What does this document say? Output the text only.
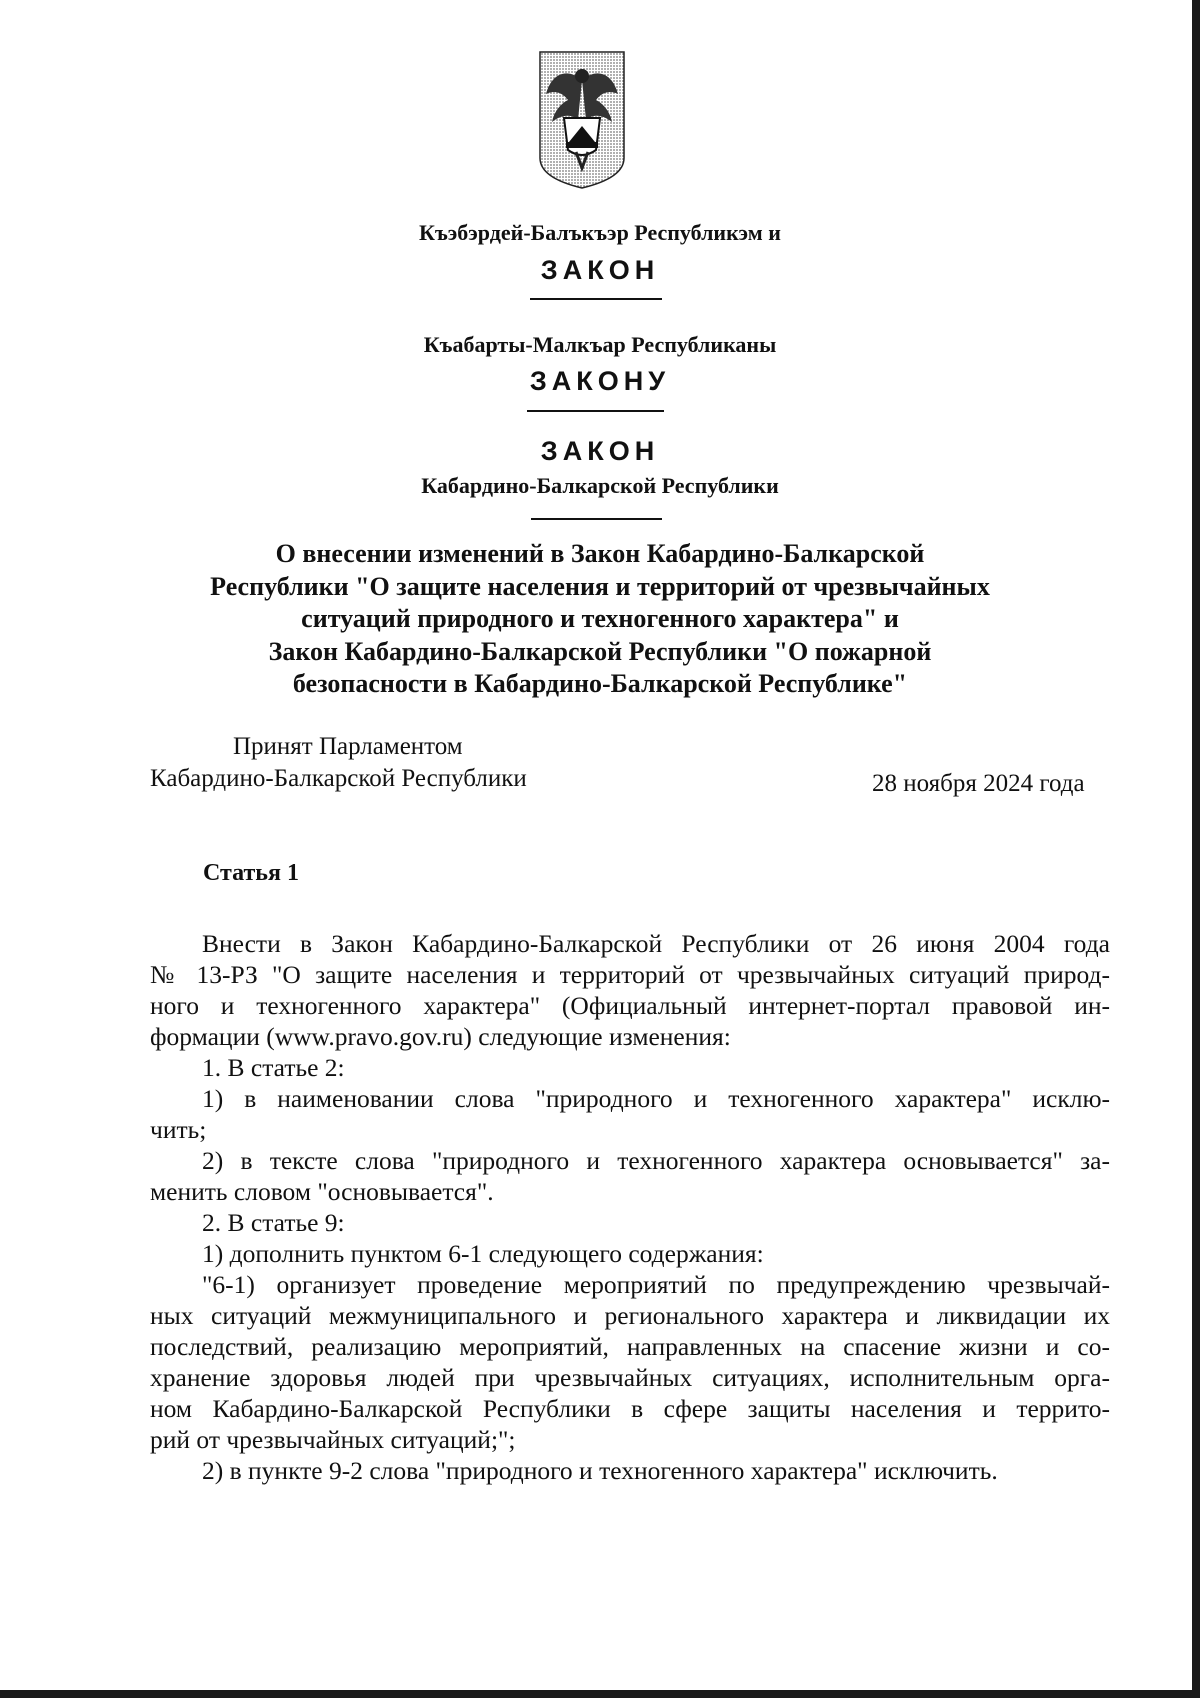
Къэбэрдей-Балъкъэр Республикэм и
ЗАКОН
Къабарты-Малкъар Республиканы
ЗАКОНУ
ЗАКОН
Кабардино-Балкарской Республики
О внесении изменений в Закон Кабардино-Балкарской
Республики "О защите населения и территорий от чрезвычайных
ситуаций природного и техногенного характера" и
Закон Кабардино-Балкарской Республики "О пожарной
безопасности в Кабардино-Балкарской Республике"
Принят Парламентом
Кабардино-Балкарской Республики	28 ноября 2024 года
Статья 1

Внести в Закон Кабардино-Балкарской Республики от 26 июня 2004 года

№ 13-РЗ "О защите населения и территорий от чрезвычайных ситуаций природ-

ного и техногенного характера" (Официальный интернет-портал правовой ин-

формации (www.pravo.gov.ru) следующие изменения:

1. В статье 2:

1) в наименовании слова "природного и техногенного характера" исклю-

чить;

2) в тексте слова "природного и техногенного характера основывается" за-

менить словом "основывается".

2. В статье 9:

1) дополнить пунктом 6-1 следующего содержания:

"6-1) организует проведение мероприятий по предупреждению чрезвычай-

ных ситуаций межмуниципального и регионального характера и ликвидации их

последствий, реализацию мероприятий, направленных на спасение жизни и со-

хранение здоровья людей при чрезвычайных ситуациях, исполнительным орга-

ном Кабардино-Балкарской Республики в сфере защиты населения и террито-

рий от чрезвычайных ситуаций;";

2) в пункте 9-2 слова "природного и техногенного характера" исключить.
